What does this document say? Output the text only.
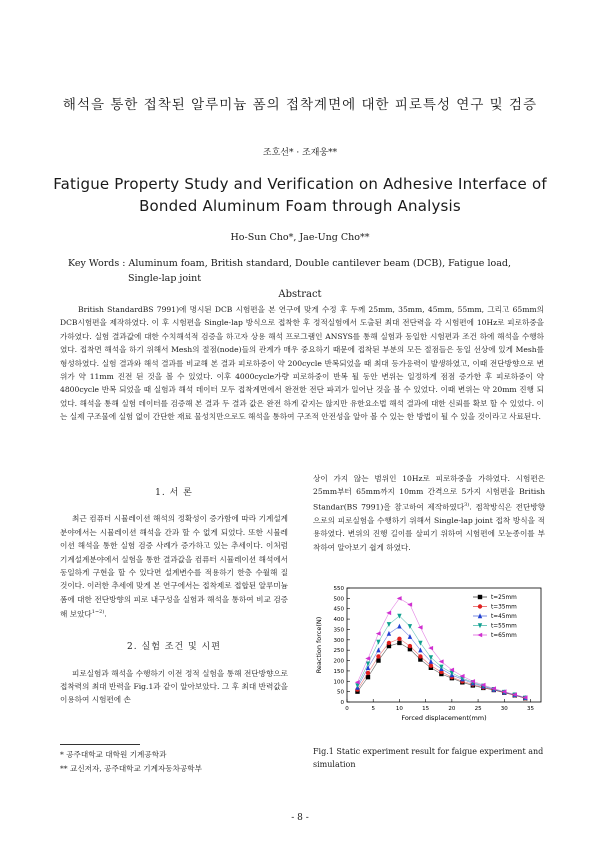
해석을 통한 접착된 알루미늄 폼의 접착계면에 대한 피로특성 연구 및 검증
조호선* · 조재웅**
Fatigue Property Study and Verification on Adhesive Interface of Bonded Aluminum Foam through Analysis
Ho-Sun Cho*, Jae-Ung Cho**
Key Words : Aluminum foam, British standard, Double cantilever beam (DCB), Fatigue load,
Single-lap joint
Abstract
British StandardBS 7991)에 명시된 DCB 시험편을 본 연구에 맞게 수정 후 두께 25mm, 35mm, 45mm, 55mm, 그리고 65mm의 DCB시험편을 제작하였다. 이 후 시험편을 Single-lap 방식으로 접착한 후 정적실험에서 도출된 최대 전단력을 각 시험편에 10Hz로 피로하중을 가하였다. 실험 결과값에 대한 수치해석적 검증을 하고자 상용 해석 프로그램인 ANSYS를 통해 실험과 동일한 시험편과 조건 하에 해석을 수행하였다. 접착면 해석을 하기 위해서 Mesh의 절점(node)들의 관계가 매우 중요하기 때문에 접착된 부분의 모든 절점들은 동일 선상에 있게 Mesh를 형성하였다. 실험 결과와 해석 결과를 비교해 본 결과 피로하중이 약 200cycle 반복되었을 때 최대 등가응력이 발생하였고, 이때 전단방향으로 변위가 약 11mm 진전 된 것을 볼 수 있었다. 이후 4000cycle가량 피로하중이 반복 될 동안 변위는 일정하게 점점 증가한 후 피로하중이 약 4800cycle 반복 되었을 때 실험과 해석 데이터 모두 접착계면에서 완전한 전단 파괴가 일어난 것을 볼 수 있었다. 이때 변위는 약 20mm 진행 되었다. 해석을 통해 실험 데이터를 검증해 본 결과 두 결과 값은 완전 하게 같지는 않지만 유한요소법 해석 결과에 대한 신뢰를 확보 할 수 있었다. 이는 실제 구조물에 실험 없이 간단한 재료 물성치만으로도 해석을 통하여 구조적 안전성을 알아 볼 수 있는 한 방법이 될 수 있을 것이라고 사료된다.
1. 서 론
최근 컴퓨터 시뮬레이션 해석의 정확성이 증가함에 따라 기계설계분야에서는 시뮬레이션 해석을 간과 할 수 없게 되었다. 또한 시뮬레이션 해석을 통한 실험 검증 사례가 증가하고 있는 추세이다. 이처럼 기계설계분야에서 실험을 통한 결과값을 컴퓨터 시뮬레이션 해석에서 동일하게 구현을 할 수 있다면 설계변수를 적용하기 한층 수월해 질 것이다. 이러한 추세에 맞게 본 연구에서는 접착제로 접합된 알루미늄 폼에 대한 전단방향의 피로 내구성을 실험과 해석을 통하여 비교 검증해 보았다$^{1\sim 2)}$.
2. 실험 조건 및 시편
피로실험과 해석을 수행하기 이전 정적 실험을 통해 전단방향으로 접착력의 최대 반력을 Fig.1과 같이 알아보았다. 그 후 최대 반력값을 이용하여 시험편에 손
상이 가지 않는 범위인 10Hz로 피로하중을 가하였다. 시험편은 25mm부터 65mm까지 10mm 간격으로 5가지 시험편을 British Standar(BS 7991)을 참고하여 제작하였다$^{3)}$. 접착방식은 전단방향으로의 피로실험을 수행하기 위해서 Single-lap joint 접착 방식을 적용하였다. 변위의 진행 길이를 살피기 위하여 시험편에 모눈종이를 부착하여 알아보기 쉽게 하였다.
0	5	10	15	20	25	30	35
0
50
100
150
200
250
300
350
400
450
500
550
Forced displacement(mm)
Reaction force(N)
t=25mm
t=35mm
t=45mm
t=55mm
t=65mm
* 공주대학교 대학원 기계공학과
** 교신저자, 공주대학교 기계자동차공학부
Fig.1 Static experiment result for faigue experiment and simulation
- 8 -
